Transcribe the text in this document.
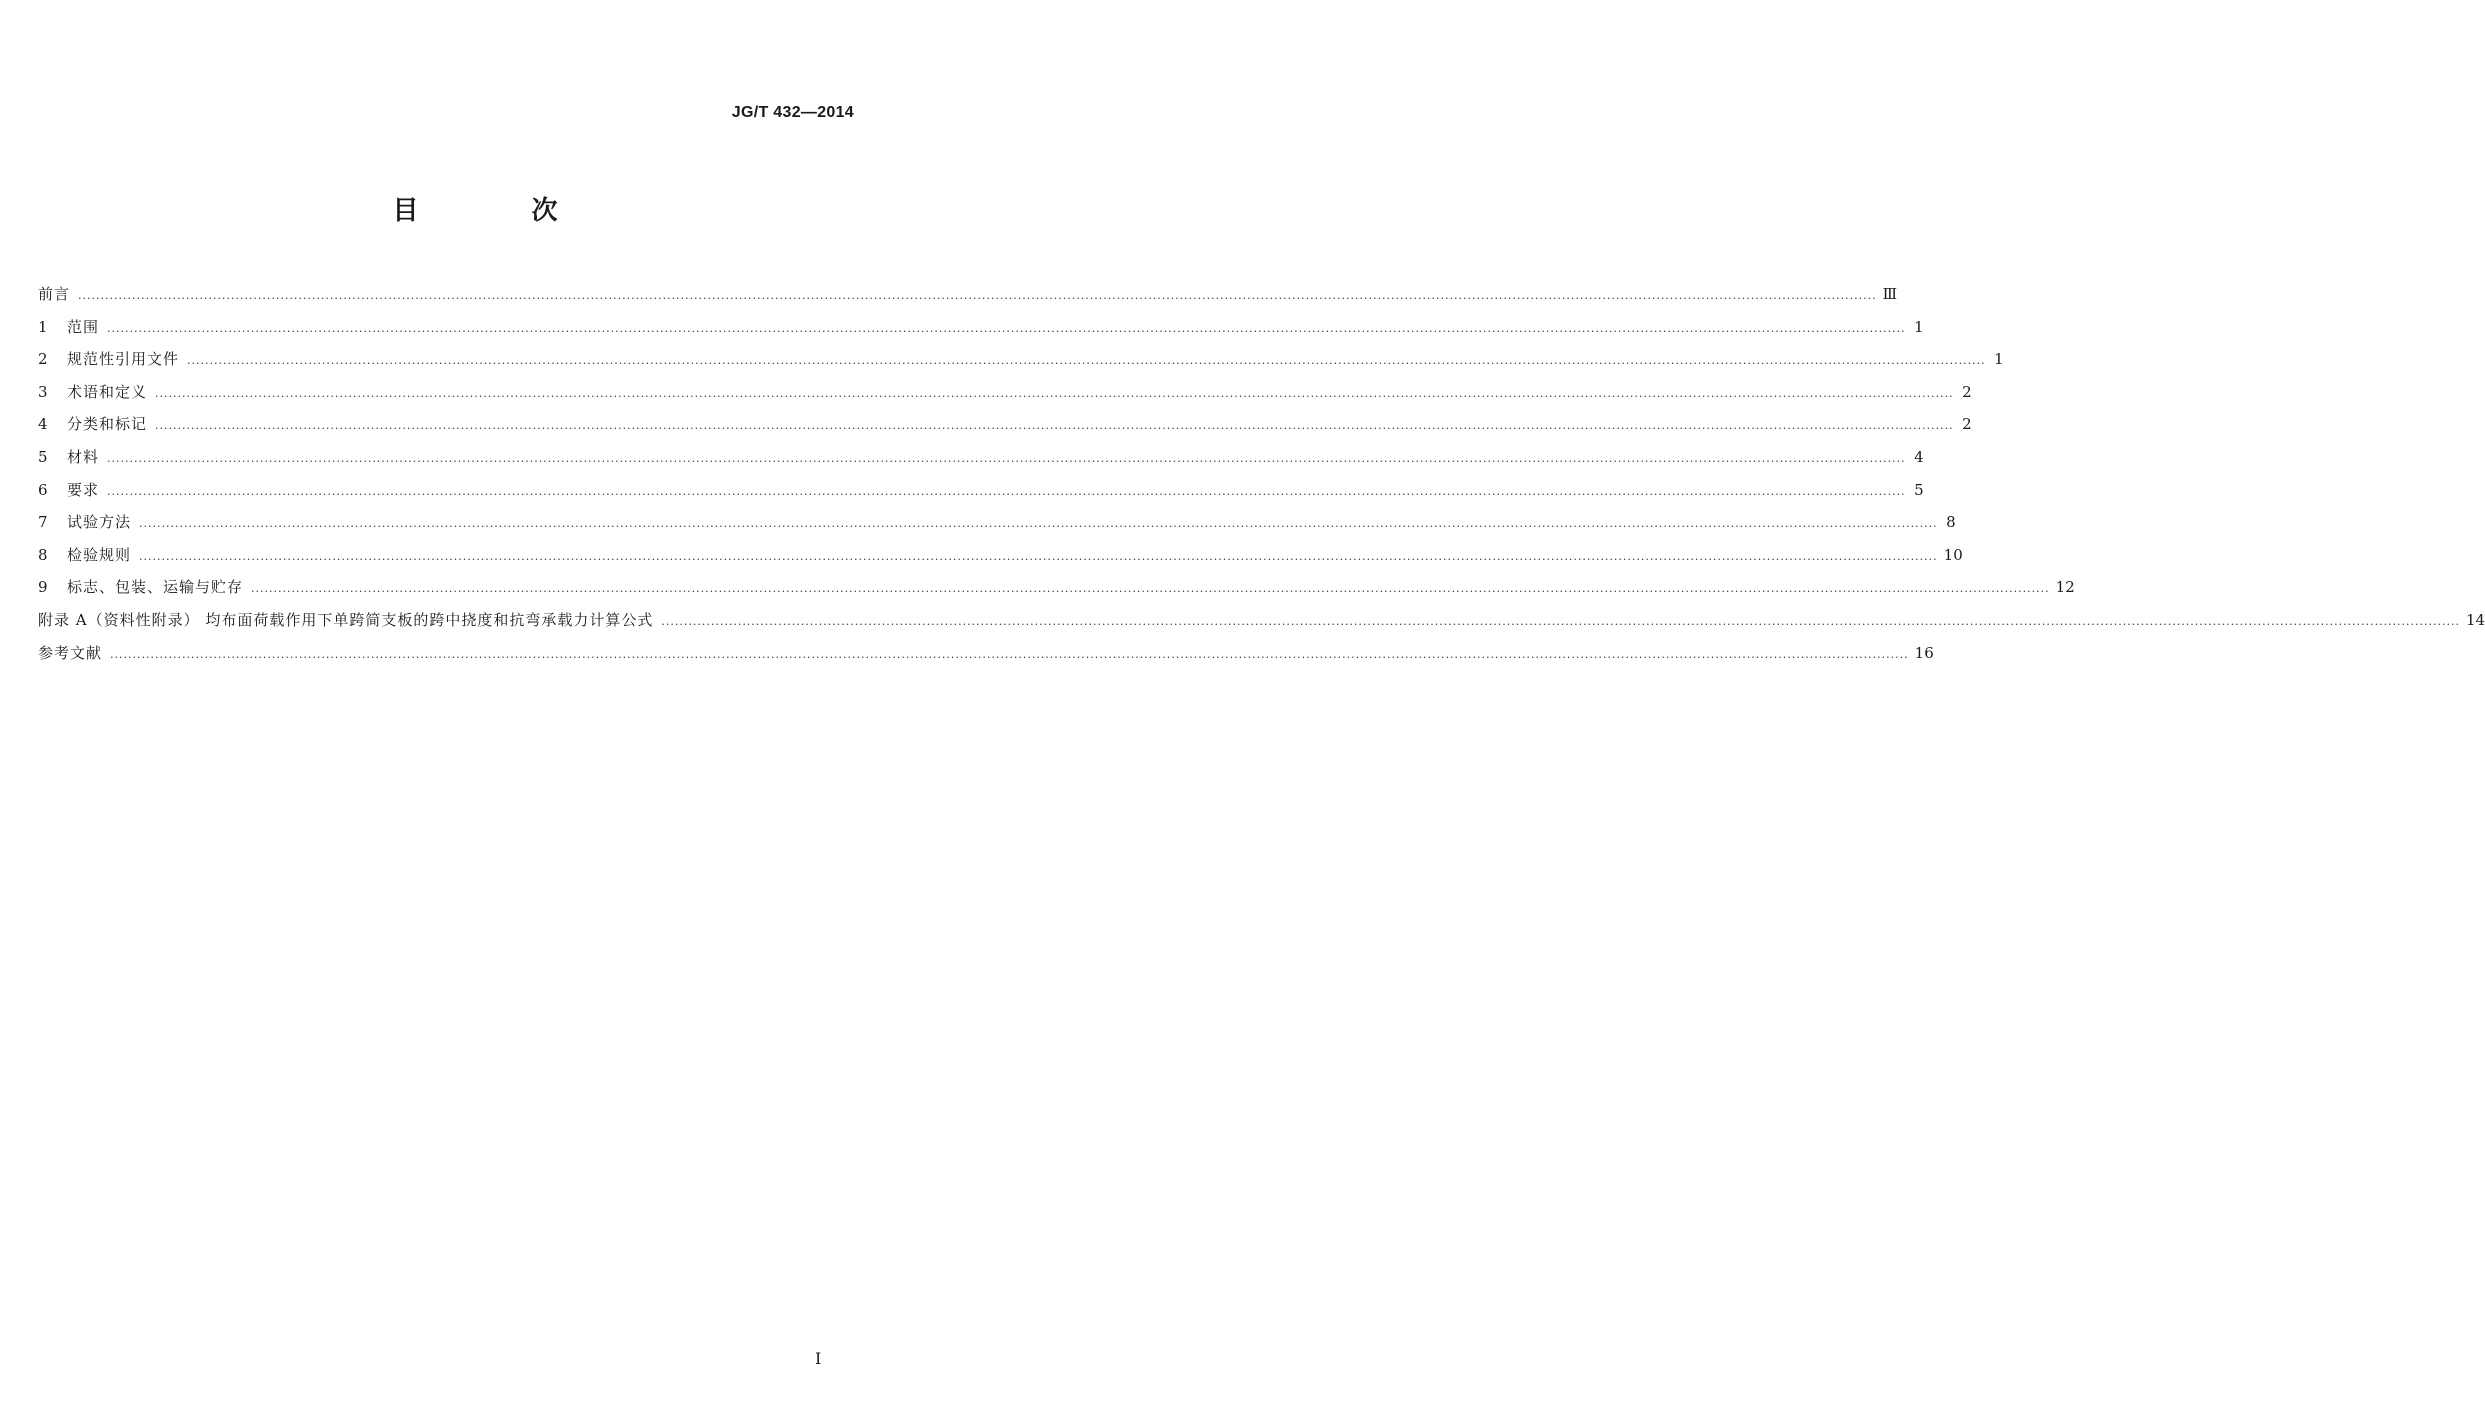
JG/T 432—2014
目 次
前言 ................................................................................................................................................................................................................................................................................................................................................................................................................ Ⅲ
1	范围 ................................................................................................................................................................................................................................................................................................................................................................................................................ 1
2	规范性引用文件 ................................................................................................................................................................................................................................................................................................................................................................................................................ 1
3	术语和定义 ................................................................................................................................................................................................................................................................................................................................................................................................................ 2
4	分类和标记 ................................................................................................................................................................................................................................................................................................................................................................................................................ 2
5	材料 ................................................................................................................................................................................................................................................................................................................................................................................................................ 4
6	要求 ................................................................................................................................................................................................................................................................................................................................................................................................................ 5
7	试验方法 ................................................................................................................................................................................................................................................................................................................................................................................................................ 8
8	检验规则 ................................................................................................................................................................................................................................................................................................................................................................................................................ 10
9	标志、包装、运输与贮存 ................................................................................................................................................................................................................................................................................................................................................................................................................ 12
附录 A（资料性附录） 均布面荷载作用下单跨简支板的跨中挠度和抗弯承载力计算公式 ................................................................................................................................................................................................................................................................................................................................................................................................................ 14
参考文献 ................................................................................................................................................................................................................................................................................................................................................................................................................ 16
I
